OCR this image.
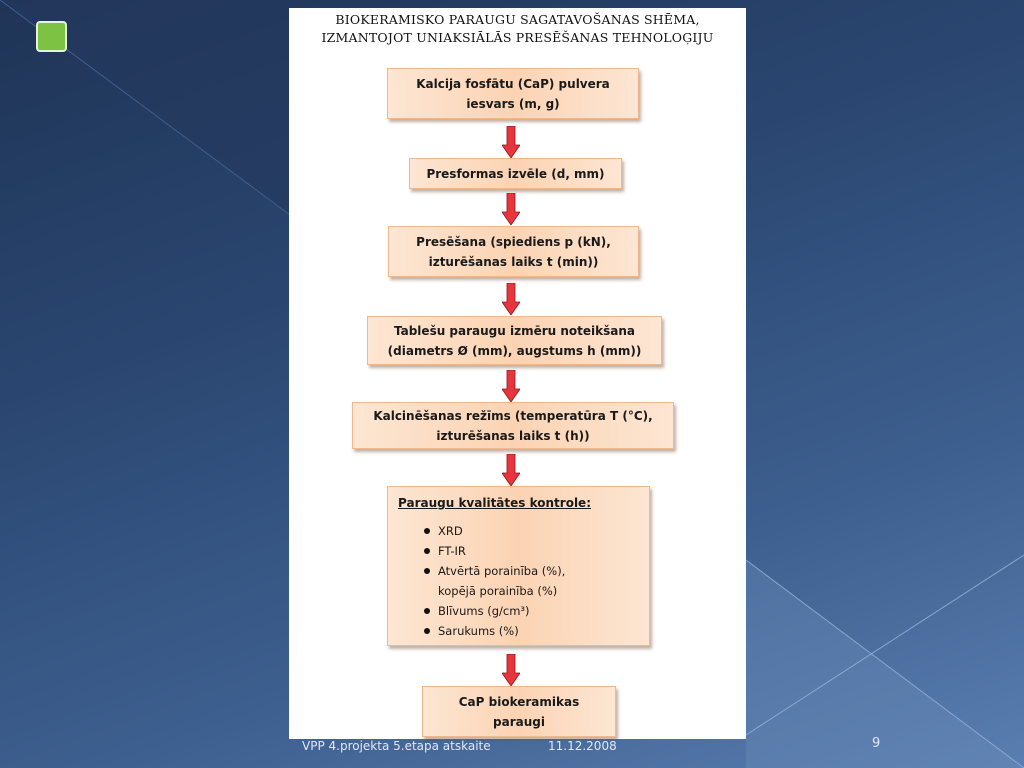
BIOKERAMISKO PARAUGU SAGATAVOŠANAS SHĒMA,
IZMANTOJOT UNIAKSIĀLĀS PRESĒŠANAS TEHNOLOĢIJU
Kalcija fosfātu (CaP) pulvera
iesvars (m, g)
Presformas izvēle (d, mm)
Presēšana (spiediens p (kN),
izturēšanas laiks t (min))
Tablešu paraugu izmēru noteikšana
(diametrs Ø (mm), augstums h (mm))
Kalcinēšanas režīms (temperatūra T (°C),
izturēšanas laiks t (h))
Paraugu kvalitātes kontrole:
XRD
FT-IR
Atvērtā porainība (%),
kopējā porainība (%)
Blīvums (g/cm³)
Sarukums (%)
CaP biokeramikas
paraugi
VPP 4.projekta 5.etapa atskaite	11.12.2008	9
